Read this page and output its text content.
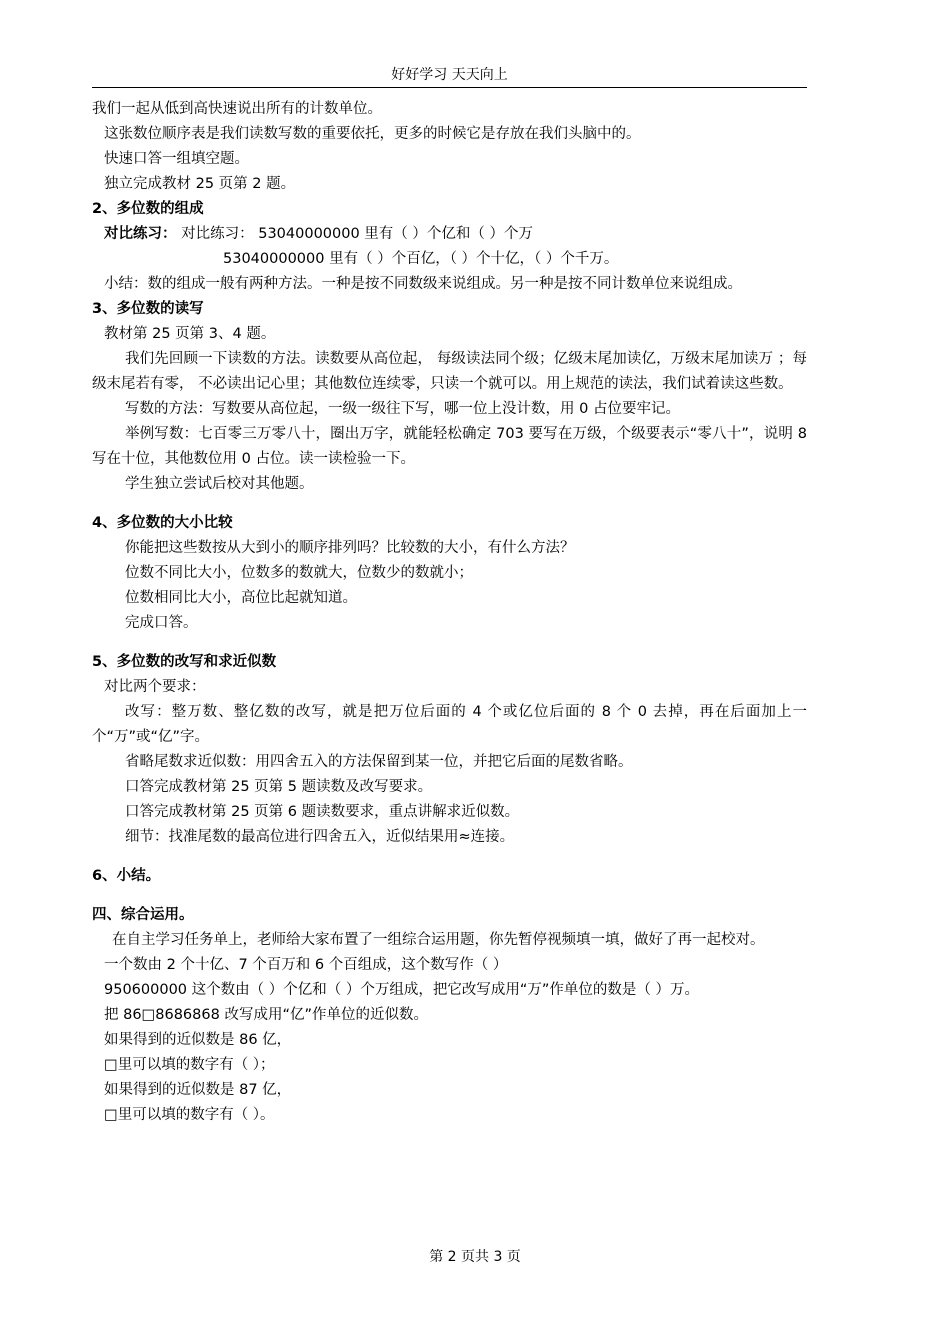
好好学习 天天向上
我们一起从低到高快速说出所有的计数单位。
这张数位顺序表是我们读数写数的重要依托，更多的时候它是存放在我们头脑中的。
快速口答一组填空题。
独立完成教材 25 页第 2 题。
2、多位数的组成
对比练习： 对比练习： 53040000000 里有（ ）个亿和（ ）个万
53040000000 里有（ ）个百亿，（ ）个十亿，（ ）个千万。
小结：数的组成一般有两种方法。一种是按不同数级来说组成。另一种是按不同计数单位来说组成。
3、多位数的读写
教材第 25 页第 3、4 题。
我们先回顾一下读数的方法。读数要从高位起， 每级读法同个级；亿级末尾加读亿，万级末尾加读万 ；每级末尾若有零， 不必读出记心里；其他数位连续零，只读一个就可以。用上规范的读法，我们试着读这些数。
写数的方法：写数要从高位起，一级一级往下写，哪一位上没计数，用 0 占位要牢记。
举例写数：七百零三万零八十，圈出万字，就能轻松确定 703 要写在万级，个级要表示“零八十”，说明 8 写在十位，其他数位用 0 占位。读一读检验一下。
学生独立尝试后校对其他题。
4、多位数的大小比较
你能把这些数按从大到小的顺序排列吗？比较数的大小，有什么方法？
位数不同比大小，位数多的数就大，位数少的数就小；
位数相同比大小，高位比起就知道。
完成口答。
5、多位数的改写和求近似数
对比两个要求：
改写：整万数、整亿数的改写，就是把万位后面的 4 个或亿位后面的 8 个 0 去掉，再在后面加上一个“万”或“亿”字。
省略尾数求近似数：用四舍五入的方法保留到某一位，并把它后面的尾数省略。
口答完成教材第 25 页第 5 题读数及改写要求。
口答完成教材第 25 页第 6 题读数要求，重点讲解求近似数。
细节：找准尾数的最高位进行四舍五入，近似结果用≈连接。
6、小结。
四、综合运用。
在自主学习任务单上，老师给大家布置了一组综合运用题，你先暂停视频填一填，做好了再一起校对。
一个数由 2 个十亿、7 个百万和 6 个百组成，这个数写作（ ）
950600000 这个数由（ ）个亿和（ ）个万组成，把它改写成用“万”作单位的数是（ ）万。
把 86□8686868 改写成用“亿”作单位的近似数。
如果得到的近似数是 86 亿，
□里可以填的数字有（ ）；
如果得到的近似数是 87 亿，
□里可以填的数字有（ ）。
第 2 页共 3 页
